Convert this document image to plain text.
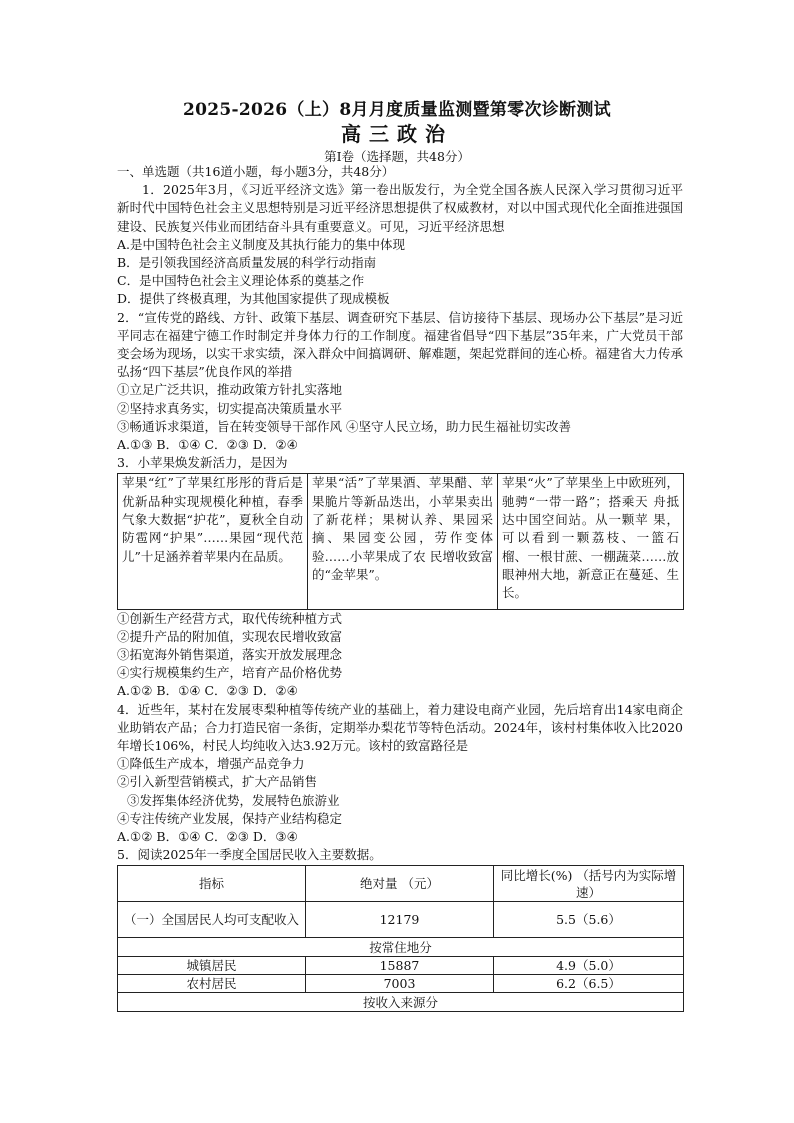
2025-2026（上）8月月度质量监测暨第零次诊断测试
高三政治
第Ⅰ卷（选择题，共48分）
一、单选题（共16道小题，每小题3分，共48分）
1．2025年3月，《习近平经济文选》第一卷出版发行，为全党全国各族人民深入学习贯彻习近平新时代中国特色社会主义思想特别是习近平经济思想提供了权威教材，对以中国式现代化全面推进强国建设、民族复兴伟业而团结奋斗具有重要意义。可见，习近平经济思想
A.是中国特色社会主义制度及其执行能力的集中体现
B．是引领我国经济高质量发展的科学行动指南
C．是中国特色社会主义理论体系的奠基之作
D．提供了终极真理，为其他国家提供了现成模板
2．“宣传党的路线、方针、政策下基层、调查研究下基层、信访接待下基层、现场办公下基层”是习近平同志在福建宁德工作时制定并身体力行的工作制度。福建省倡导“四下基层”35年来，广大党员干部变会场为现场，以实干求实绩，深入群众中间搞调研、解难题，架起党群间的连心桥。福建省大力传承弘扬“四下基层”优良作风的举措
①立足广泛共识，推动政策方针扎实落地
②坚持求真务实，切实提高决策质量水平
③畅通诉求渠道，旨在转变领导干部作风 ④坚守人民立场，助力民生福祉切实改善
A.①③ B．①④ C．②③ D．②④
3．小苹果焕发新活力，是因为
苹果“红”了苹果红彤彤的背后是优新品种实现规模化种植，春季气象大数据“护花”，夏秋全自动防雹网“护果”……果园“现代范儿”十足涵养着苹果内在品质。	苹果“活”了苹果酒、苹果醋、苹果脆片等新品迭出，小苹果卖出了新花样；果树认养、果园采摘、果园变公园，劳作变体验……小苹果成了农 民增收致富的“金苹果”。	苹果“火”了苹果坐上中欧班列，驰骋“一带一路”；搭乘天 舟抵达中国空间站。从一颗苹 果，可以看到一颗荔枝、一篮石 榴、一根甘蔗、一棚蔬菜……放 眼神州大地，新意正在蔓延、生 长。
①创新生产经营方式，取代传统种植方式
②提升产品的附加值，实现农民增收致富
③拓宽海外销售渠道，落实开放发展理念
④实行规模集约生产，培育产品价格优势
A.①② B．①④ C．②③ D．②④
4．近些年，某村在发展枣梨种植等传统产业的基础上，着力建设电商产业园，先后培育出14家电商企业助销农产品；合力打造民宿一条街，定期举办梨花节等特色活动。2024年，该村村集体收入比2020年增长106%，村民人均纯收入达3.92万元。该村的致富路径是
①降低生产成本，增强产品竞争力
②引入新型营销模式，扩大产品销售
③发挥集体经济优势，发展特色旅游业
④专注传统产业发展，保持产业结构稳定
A.①② B．①④ C．②③ D．③④
5．阅读2025年一季度全国居民收入主要数据。
指标	绝对量 （元）	同比增长(%) （括号内为实际增速）
（一）全国居民人均可支配收入	12179	5.5（5.6）
按常住地分		
城镇居民	15887	4.9（5.0）
农村居民	7003	6.2（6.5）
按收入来源分		
